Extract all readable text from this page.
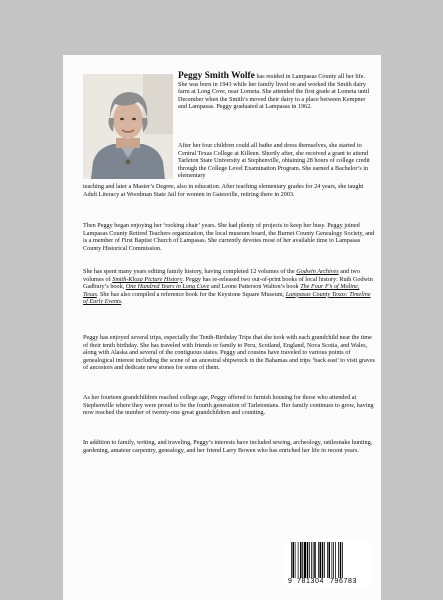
Peggy Smith Wolfe has resided in Lampasas County all her life. She was born in 1943 while her family lived on and worked the Smith dairy farm at Long Cove, near Lometa. She attended the first grade at Lometa until December when the Smith’s moved their dairy to a place between Kempner and Lampasas. Peggy graduated at Lampasas in 1962.
After her four children could all bathe and dress themselves, she started to Central Texas College at Killeen. Shortly after, she received a grant to attend Tarleton State University at Stephenville, obtaining 28 hours of college credit through the College Level Examination Program. She earned a Bachelor’s in elementary
teaching and later a Master’s Degree, also in education. After teaching elementary grades for 24 years, she taught Adult Literacy at Woodman State Jail for women in Gatesville, retiring there in 2003.
Then Peggy began enjoying her ‘rocking chair’ years. She had plenty of projects to keep her busy. Peggy joined Lampasas County Retired Teachers organization, the local museum board, the Burnet County Genealogy Society, and is a member of First Baptist Church of Lampasas. She currently devotes most of her available time to Lampasas County Historical Commission.
She has spent many years editing family history, having completed 12 volumes of the Godwin Archives and two volumes of Smith-Kloza Picture History. Peggy has re-released two out-of-print books of local history: Ruth Godwin Gadbury’s book, One Hundred Years in Long Cove and Leone Patterson Walton’s book The Four F’s of Moline, Texas. She has also compiled a reference book for the Keystone Square Museum, Lampasas County Texas: Timeline of Early Events.
Peggy has enjoyed several trips, especially the Tenth-Birthday Trips that she took with each grandchild near the time of their tenth birthday. She has traveled with friends or family to Peru, Scotland, England, Nova Scotia, and Wales, along with Alaska and several of the contiguous states. Peggy and cousins have traveled to various points of genealogical interest including the scene of an ancestral shipwreck in the Bahamas and trips ‘back east’ to visit graves of ancestors and dedicate new stones for some of them.
As her fourteen grandchildren reached college age, Peggy offered to furnish housing for those who attended at Stephenville where they were proud to be the fourth generation of Tarletonians. Her family continues to grow, having now reached the number of twenty-one great grandchildren and counting.
In addition to family, writing, and traveling, Peggy’s interests have included sewing, archeology, rattlesnake hunting, gardening, amateur carpentry, genealogy, and her friend Larry Bowen who has enriched her life in recent years.
9 781304 796783
